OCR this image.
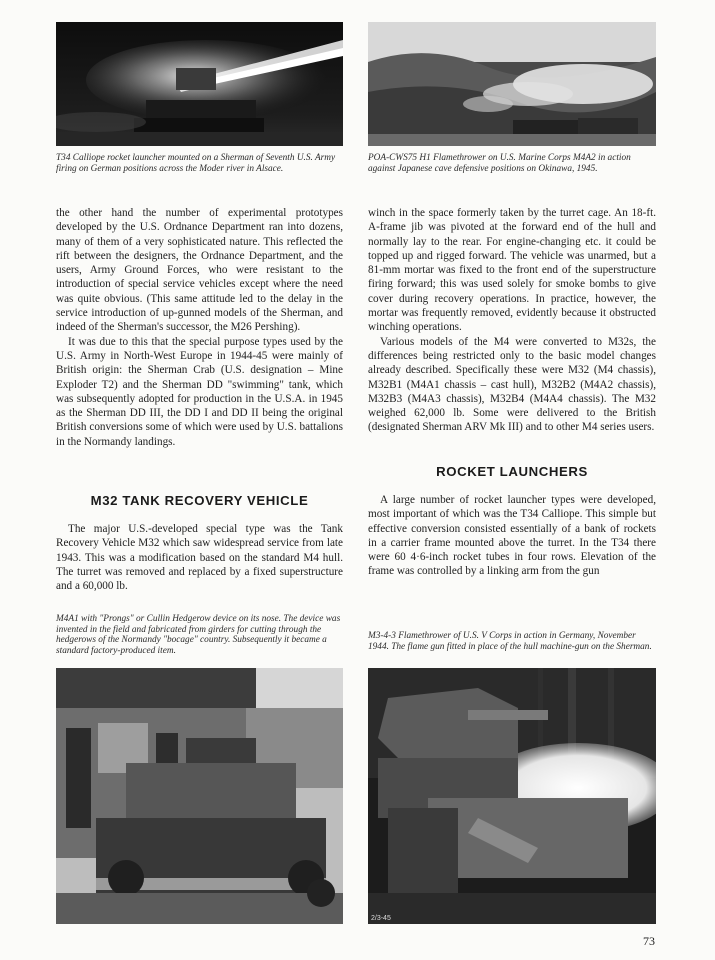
T34 Calliope rocket launcher mounted on a Sherman of Seventh U.S. Army firing on German positions across the Moder river in Alsace.
POA-CWS75 H1 Flamethrower on U.S. Marine Corps M4A2 in action against Japanese cave defensive positions on Okinawa, 1945.

the other hand the number of experimental prototypes developed by the U.S. Ordnance Department ran into dozens, many of them of a very sophisticated nature. This reflected the rift between the designers, the Ordnance Department, and the users, Army Ground Forces, who were resistant to the introduction of special service vehicles except where the need was quite obvious. (This same attitude led to the delay in the service introduction of up-gunned models of the Sherman, and indeed of the Sherman's successor, the M26 Pershing).

It was due to this that the special purpose types used by the U.S. Army in North-West Europe in 1944-45 were mainly of British origin: the Sherman Crab (U.S. designation – Mine Exploder T2) and the Sherman DD "swimming" tank, which was subsequently adopted for production in the U.S.A. in 1945 as the Sherman DD III, the DD I and DD II being the original British conversions some of which were used by U.S. battalions in the Normandy landings.

M32 TANK RECOVERY VEHICLE

The major U.S.-developed special type was the Tank Recovery Vehicle M32 which saw widespread service from late 1943. This was a modification based on the standard M4 hull. The turret was removed and replaced by a fixed superstructure and a 60,000 lb.

winch in the space formerly taken by the turret cage. An 18-ft. A-frame jib was pivoted at the forward end of the hull and normally lay to the rear. For engine-changing etc. it could be topped up and rigged forward. The vehicle was unarmed, but a 81-mm mortar was fixed to the front end of the superstructure firing forward; this was used solely for smoke bombs to give cover during recovery operations. In practice, however, the mortar was frequently removed, evidently because it obstructed winching operations.

Various models of the M4 were converted to M32s, the differences being restricted only to the basic model changes already described. Specifically these were M32 (M4 chassis), M32B1 (M4A1 chassis – cast hull), M32B2 (M4A2 chassis), M32B3 (M4A3 chassis), M32B4 (M4A4 chassis). The M32 weighed 62,000 lb. Some were delivered to the British (designated Sherman ARV Mk III) and to other M4 series users.

ROCKET LAUNCHERS

A large number of rocket launcher types were developed, most important of which was the T34 Calliope. This simple but effective conversion consisted essentially of a bank of rockets in a carrier frame mounted above the turret. In the T34 there were 60 4·6-inch rocket tubes in four rows. Elevation of the frame was controlled by a linking arm from the gun

M4A1 with "Prongs" or Cullin Hedgerow device on its nose. The device was invented in the field and fabricated from girders for cutting through the hedgerows of the Normandy "bocage" country. Subsequently it became a standard factory-produced item.
M3-4-3 Flamethrower of U.S. V Corps in action in Germany, November 1944. The flame gun fitted in place of the hull machine-gun on the Sherman.
2/3-45
73
